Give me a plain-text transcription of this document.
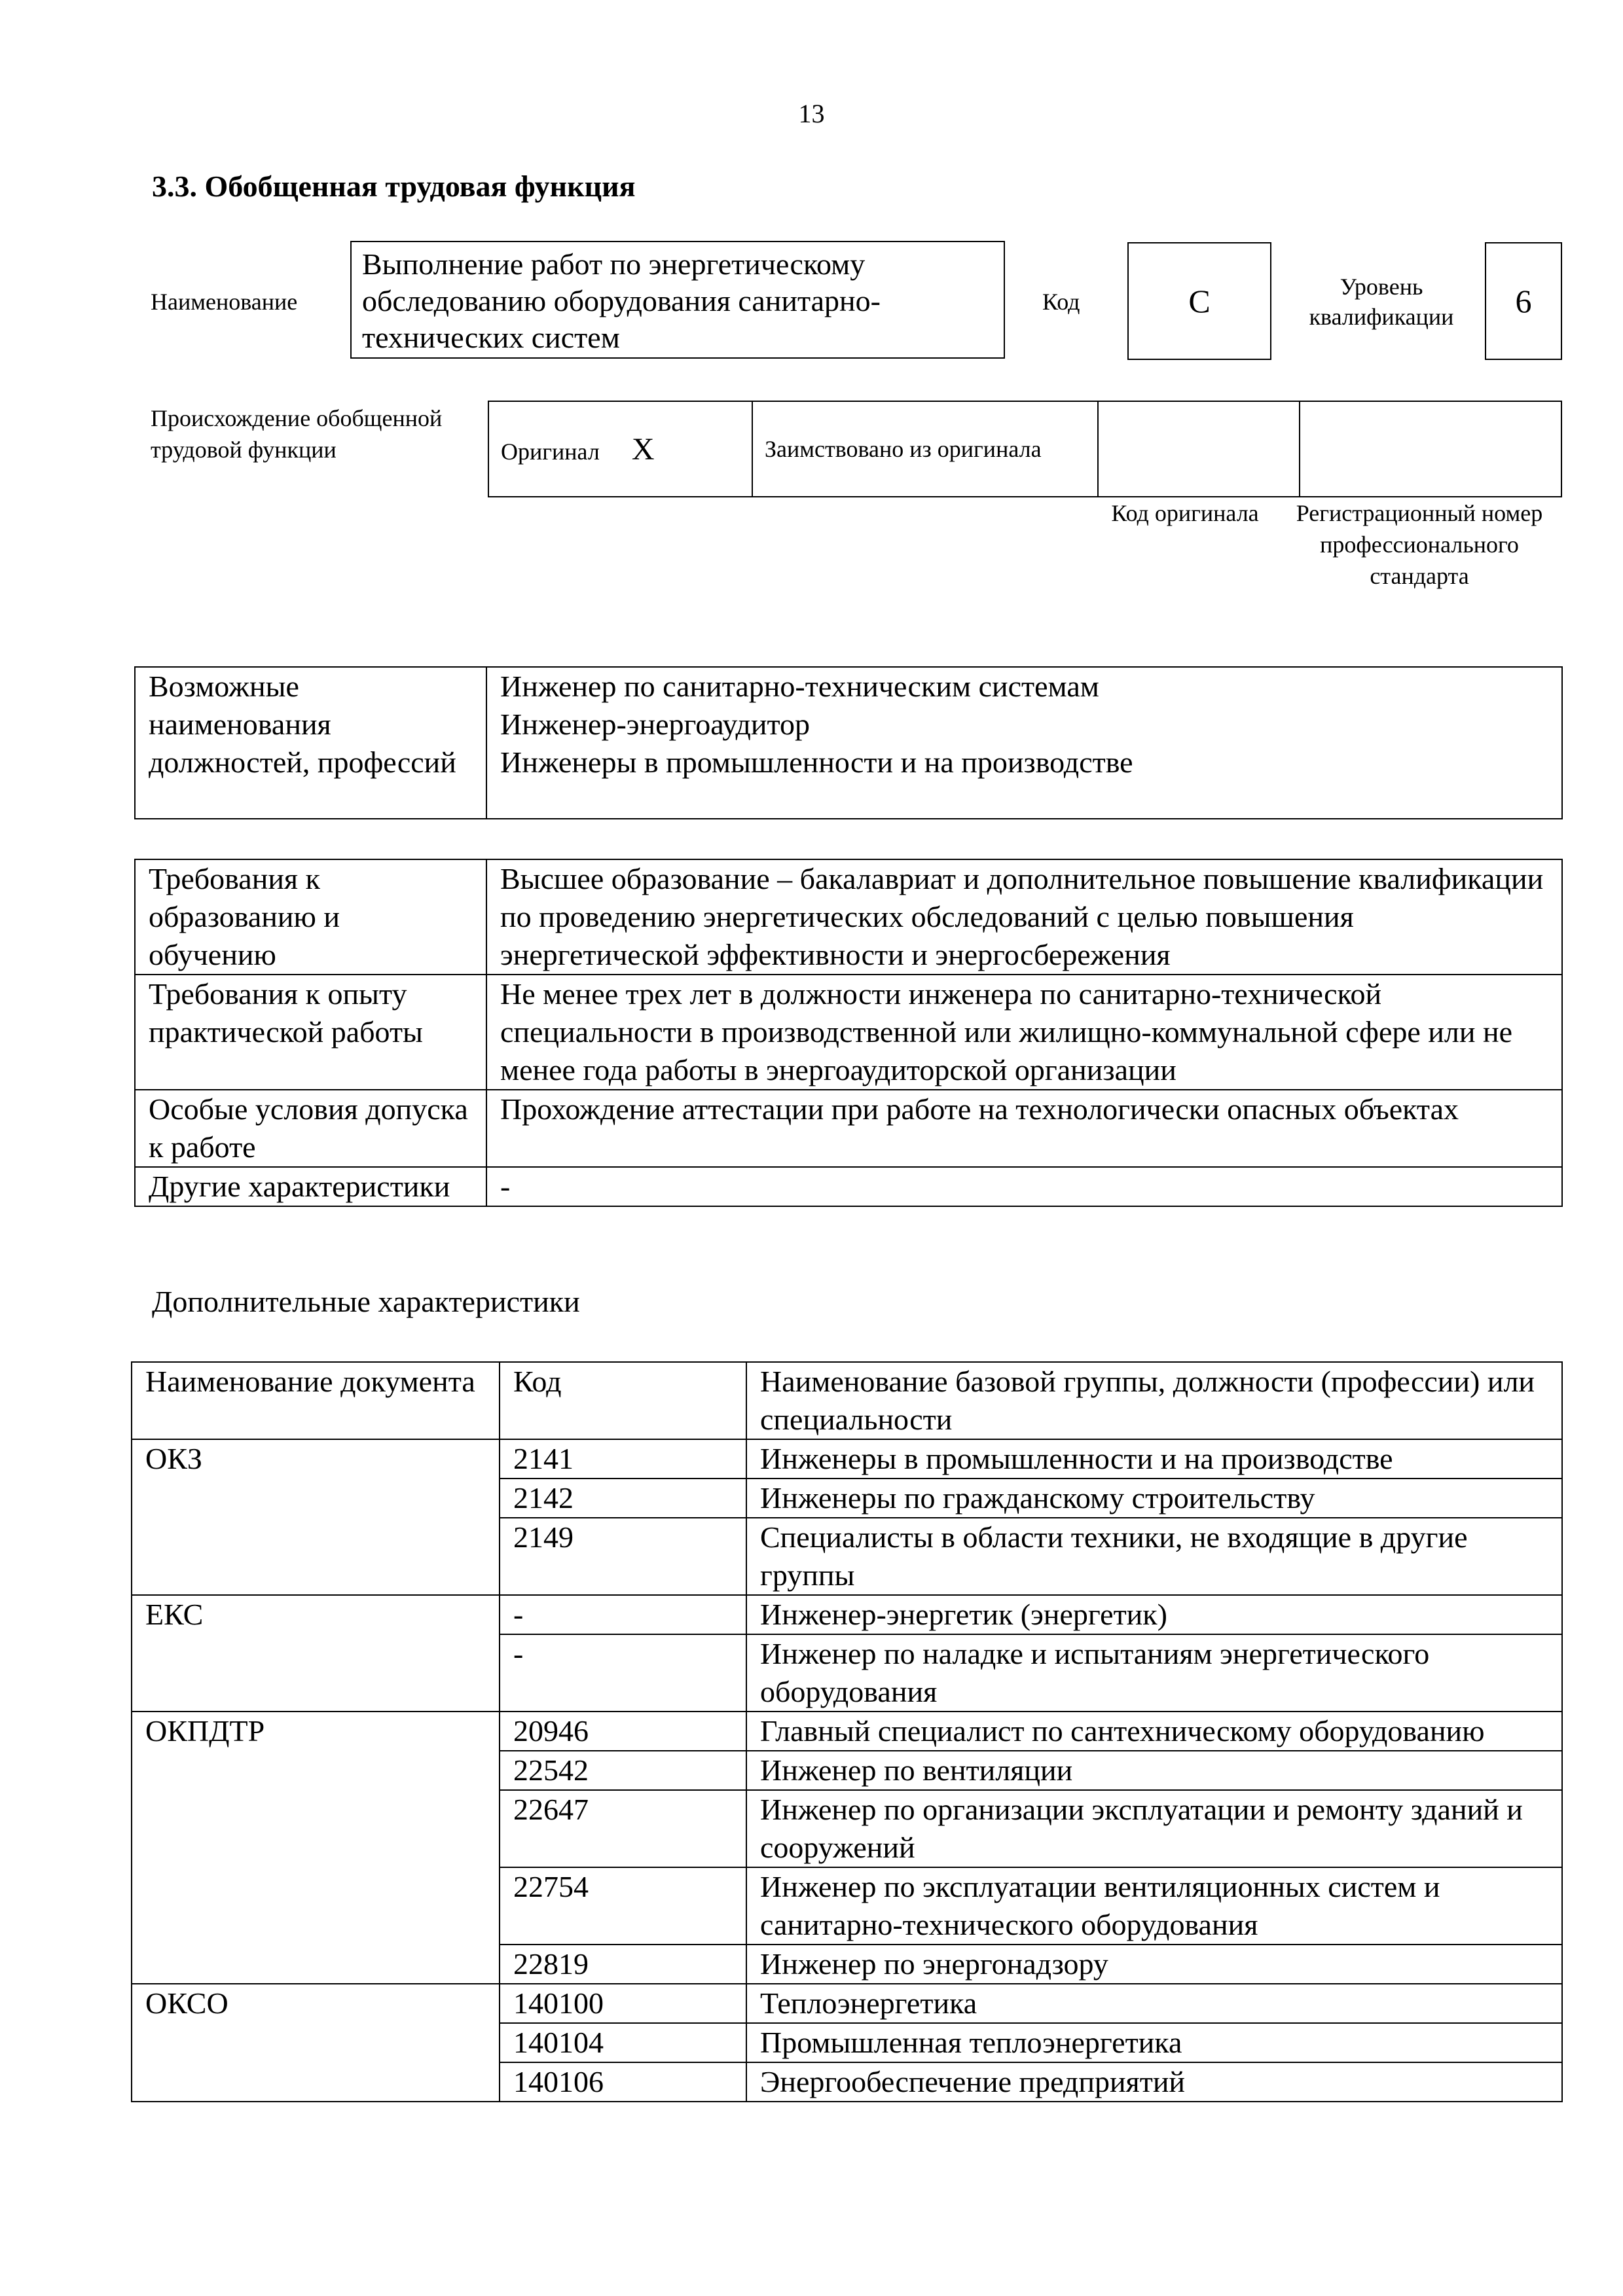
13
3.3. Обобщенная трудовая функция
Наименование
Выполнение работ по энергетическому обследованию оборудования санитарно-технических систем
Код	C	Уровень квалификации	6
Происхождение обобщенной трудовой функции	Оригинал X	Заимствовано из оригинала		
Код оригинала	Регистрационный номер профессионального стандарта
Возможные наименования должностей, профессий	
Инженер по санитарно-техническим системам
Инженер-энергоаудитор
Инженеры в промышленности и на производстве
Требования к образованию и обучению	Высшее образование – бакалавриат и дополнительное повышение квалификации по проведению энергетических обследований с целью повышения энергетической эффективности и энергосбережения
Требования к опыту практической работы	Не менее трех лет в должности инженера по санитарно-технической специальности в производственной или жилищно-коммунальной сфере или не менее года работы в энергоаудиторской организации
Особые условия допуска к работе	Прохождение аттестации при работе на технологически опасных объектах
Другие характеристики	-
Дополнительные характеристики
Наименование документа	Код	Наименование базовой группы, должности (профессии) или специальности
ОКЗ	2141	Инженеры в промышленности и на производстве
	2142	Инженеры по гражданскому строительству
	2149	Специалисты в области техники, не входящие в другие группы
ЕКС	-	Инженер-энергетик (энергетик)
	-	Инженер по наладке и испытаниям энергетического оборудования
ОКПДТР	20946	Главный специалист по сантехническому оборудованию
	22542	Инженер по вентиляции
	22647	Инженер по организации эксплуатации и ремонту зданий и сооружений
	22754	Инженер по эксплуатации вентиляционных систем и санитарно-технического оборудования
	22819	Инженер по энергонадзору
ОКСО	140100	Теплоэнергетика
	140104	Промышленная теплоэнергетика
	140106	Энергообеспечение предприятий
